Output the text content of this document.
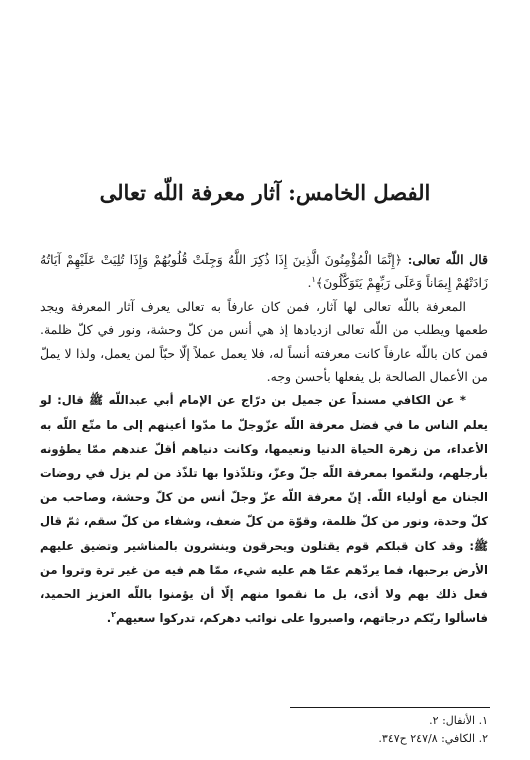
الفصل الخامس: آثار معرفة اللّه تعالى

قال اللّه تعالى: ﴿إِنَّمَا الْمُؤْمِنُونَ الَّذِينَ إِذَا ذُكِرَ اللَّهُ وَجِلَتْ قُلُوبُهُمْ وَإِذَا تُلِيَتْ عَلَيْهِمْ آيَاتُهُ زَادَتْهُمْ إِيمَاناً وَعَلَى رَبِّهِمْ يَتَوَكَّلُونَ﴾$^١$.

المعرفة باللّه تعالى لها آثار، فمن كان عارفاً به تعالى يعرف آثار المعرفة ويجد طعمها ويطلب من اللّه تعالى ازديادها إذ هي أنس من كلّ وحشة، ونور في كلّ ظلمة. فمن كان باللّه عارفاً كانت معرفته أنساً له، فلا يعمل عملاً إلّا حبّاً لمن يعمل، ولذا لا يملّ من الأعمال الصالحة بل يفعلها بأحسن وجه.

* عن الكافي مسنداً عن جميل بن درّاج عن الإمام أبي عبداللّه ﷺ قال: لو يعلم الناس ما في فضل معرفة اللّه عزّوجلّ ما مدّوا أعينهم إلى ما متّع اللّه به الأعداء، من زهرة الحياة الدنيا ونعيمها، وكانت دنياهم أقلّ عندهم ممّا يطؤونه بأرجلهم، ولنعّموا بمعرفة اللّه جلّ وعزّ، وتلذّذوا بها تلذّذ من لم يزل في روضات الجنان مع أولياء اللّه. إنّ معرفة اللّه عزّ وجلّ أنس من كلّ وحشة، وصاحب من كلّ وحدة، ونور من كلّ ظلمة، وقوّة من كلّ ضعف، وشفاء من كلّ سقم، ثمّ قال ﷺ: وقد كان قبلكم قوم يقتلون ويحرقون وينشرون بالمناشير وتضيق عليهم الأرض برحبها، فما يردّهم عمّا هم عليه شيء، ممّا هم فيه من غير ترة وتروا من فعل ذلك بهم ولا أذى، بل ما نقموا منهم إلّا أن يؤمنوا باللّه العزيز الحميد، فاسألوا ربّكم درجاتهم، واصبروا على نوائب دهركم، تدركوا سعيهم$^٢$.

١. الأنفال: ٢.
٢. الكافي: ٢٤٧/٨ ح٣٤٧.
